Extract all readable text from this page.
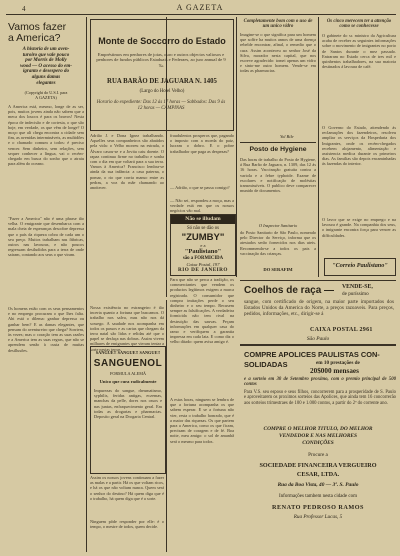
4	A GAZETA
Vamos fazer
a America?
A historia de um aven-
turoiro que vale pouco
por Morris de Molly
wood — O acesso do em-
igranto e desespero do
alguns damas
elegantes
(Copyright do U.S.I. para
A GAZETA)
A America está, mesmo, longe de as ser, pois, muitos jovens ainda não sabem que a meca dos loucos é para os bravos! Nesta época de indecisão e de cortesia, o que são hoje, em verdade, os que vêm de longe? O moço que ali chega encontra a cidade sem fim, as avenidas intermináveis, as multidões e o chamado comum a todos: é preciso vencer. Sem dinheiro, sem relações, sem sequer conhecer a língua, vai o recém-chegado em busca do sonho que o atraiu para além do oceano.
"Fazer a America" não é uma phrase tão velha. O emigrante que desembarca com a mala cheia de esperanças descobre depressa que o país da riqueza cobra de cada um o seu preço. Muitos trabalham nas fábricas, outros nas lavouras, e não poucos regressam desiludidos para a terra de onde sairam, contando aos seus o que viram.
Os homens estão com os seus pensamentos e no emprego procuram o que lhes falta. Ahi está o dilema: ganhar depressa ou ganhar bem? E as damas elegantes, que pensam do aventureiro que chega? Sorriem, às vezes; mas o coração tem as suas razões e a America tem as suas regras, que não se aprendem senão à custa de muitas desillusões.
Monte de Soccorro do Estado
Empréstimos em penhores de joias, ouro e outros objectos valiosos e penhores de fundos públicos Estaduais e Federaes, ao juro annual de 9 ‰
RUA BARÃO DE JAGUARA N. 1405
(Largo do Hotel Velho)
Horario do expediente: Das 12 ás 17 horas — Sabbados: Das 9 ás 12 horas — CAMPINAS
Adrião J. e Dona Ignez trabalhando. Aquelles seus companheiros são abatidos pela vida: o Velho morreu na estrada, o Álvaro casou-se e a Jovita caiu doente. O rapaz continua firme no trabalho e sonha com o dia em que voltará para a sua terra. Vamos à America? Francisco lembra-se ainda da sua infância: a casa paterna, o pomar, o rio que corria manso entre as pedras, a voz da mãe chamando ao anoitecer.
Nossa existência no estrangeiro é tão incerta quanto a fortuna que buscamos. O trabalho nos salva, mas não nos dá sossego. A saudade nos acompanha em todos os passos e as cartas que chegam da terra natal são lidas e relidas até que o papel se desfaça nas dobras. Assim vivem milhares de emigrantes que vieram tentar a sorte nestas terras.
Assim os nossos jovens continuam a fazer as malas e a partir. Há os que voltam ricos, e há os que não voltam nunca. Quem será o senhor do destino? Há quem diga que é o trabalho, há quem diga que é a sorte.
Ninguem pôde responder por elle: é o tempo, o mestre de todos, quem decide.
SANGUE!! SANGUE!! SANGUE!!
SANGUENOL
FORMULA ALEMÃ
Unico que cura radicalmente
Impurezas do sangue, rheumatismo, syphilis, feridas antigas, eczemas, manchas da pelle, dores nos ossos e nas juntas, enfraquecimento geral. Em todas as drogarias e pharmacias. Deposito geral na Drogaria Central.
fraudulentos prosperos que, pagando o imposto com a moeda do paiz, lucram o dobro. E o pobre trabalhador que paga as despezas?
— Adrião, o que se passa comigo?
— Não sei, respondeu a moça, mas a verdade está em que os nossos negócios vão mal.
Não se illudam
Só não se dão os
"ZUMBY"
e a
"Paulistano"
são a FORMICIDA
Caixa Postal, 197
RIO DE JANEIRO
Para que não se perca a tradição, os commerciantes que vendem os productos legítimos exigem a marca registrada. O consumidor que compra imitações perde o seu dinheiro e o seu tempo. Recusem sempre as falsificações. A verdadeira formicida não tem rival na destruição das sauvas. Peçam informações em qualquer casa do ramo e verifiquem a garantia impressa em cada lata. E como diz o velho ditado: quem avisa amigo é.
A estas horas, ninguem se lembra de que a fortuna acompanha os que sabem esperar. E se a fortuna não vier, resta o trabalho honrado, que é a maior das riquezas. Os que partem para a America, como os que ficam, precisam de coragem e de fé. Boa noite, meu amigo: o sol de amanhã será o mesmo para todos.
Completamente bom com o uso de um unico vidro
Imagine-se o que significa para um homem que soffre ha muitos annos de uma doença rebelde encontrar, afinal, o remedio que o cura. Assim aconteceu ao senhor José da Silva, morador nesta capital, que nos escreve agradecido: tomei apenas um vidro e sinto-me outro homem. Vende-se em todas as pharmacias.
Yol Bile
Posto de Hygiene
Das horas de trabalho do Posto de Hygiene, á Rua Barão de Jaguara, n. 1309, das 12 ás 16 horas. Vaccinação gratuita contra a variola e a febre typhoide. Exame de escolares e notificação de moléstias transmissíveis. O publico deve comparecer munido de documentos.
O Inspector Sanitario
do Posto Sanitario de São Paulo, nomeado pelo Director do Serviço, informa que os atestados serão fornecidos nos dias uteis. Recommenda-se a todos os pais a vaccinação das crianças.
DO SERAFIM
Os cinco merecem ter a attenção como se conhecesse
O gabinete do sr. ministro da Agricultura acaba de receber as seguintes informações sobre o movimento de imigrantes no porto de Santos durante o mez passado. Entraram no Estado cerca de tres mil e quinhentos trabalhadores, na sua maioria destinados á lavoura de café.
O Governo do Estado, attendendo ás reclamações dos fazendeiros, resolveu ampliar os serviços da Hospedaria dos Imigrantes, onde os recém-chegados recebem alojamento, alimentação e assistencia medica durante os primeiros dias. As familias são depois encaminhadas ás fazendas do interior.
O lavor que se exige no emprego e na lavoura é grande. Na companhia dos seus, o imigrante encontra força para vencer as difficuldades.
"Correio Paulistano"
Coelhos de raça —	VENDE-SE,
de puríssimo
sangue, com certificado de origem, na maior parte importados dos Estados Unidos da America do Norte, a preços razoaveis. Para preços, pedidos, informações, etc., dirigir-se á
CAIXA POSTAL 2961
São Paulo
COMPRE APOLICES PAULISTAS CON-
SOLIDADAS	em 10 prestações de
20$000 mensaes
e a sorteio em 30 de Setembro proximo, com o premio principal de 500 contos
Para V.S. seu esposo e seus filhos, concorrerem para a prosperidade de S. Paulo e aproveitarem os proximos sorteios das Apolices, que ainda tem 16 concorrerão aos sorteios trimestraes de 100 e 1.000 contos, a partir do 2º do corrente ano.
COMPRE O MELHOR TITULO, DO MELHOR
VENDEDOR E NAS MELHORES
CONDIÇÕES
Procure a
SOCIEDADE FINANCEIRA VERGUEIRO
CESAR, LTDA.
Rua da Boa Vista, 40 — 3º. S. Paulo
Informações tambem nesta cidade com
RENATO PEDROSO RAMOS
Rua Professor Lucas, 5
